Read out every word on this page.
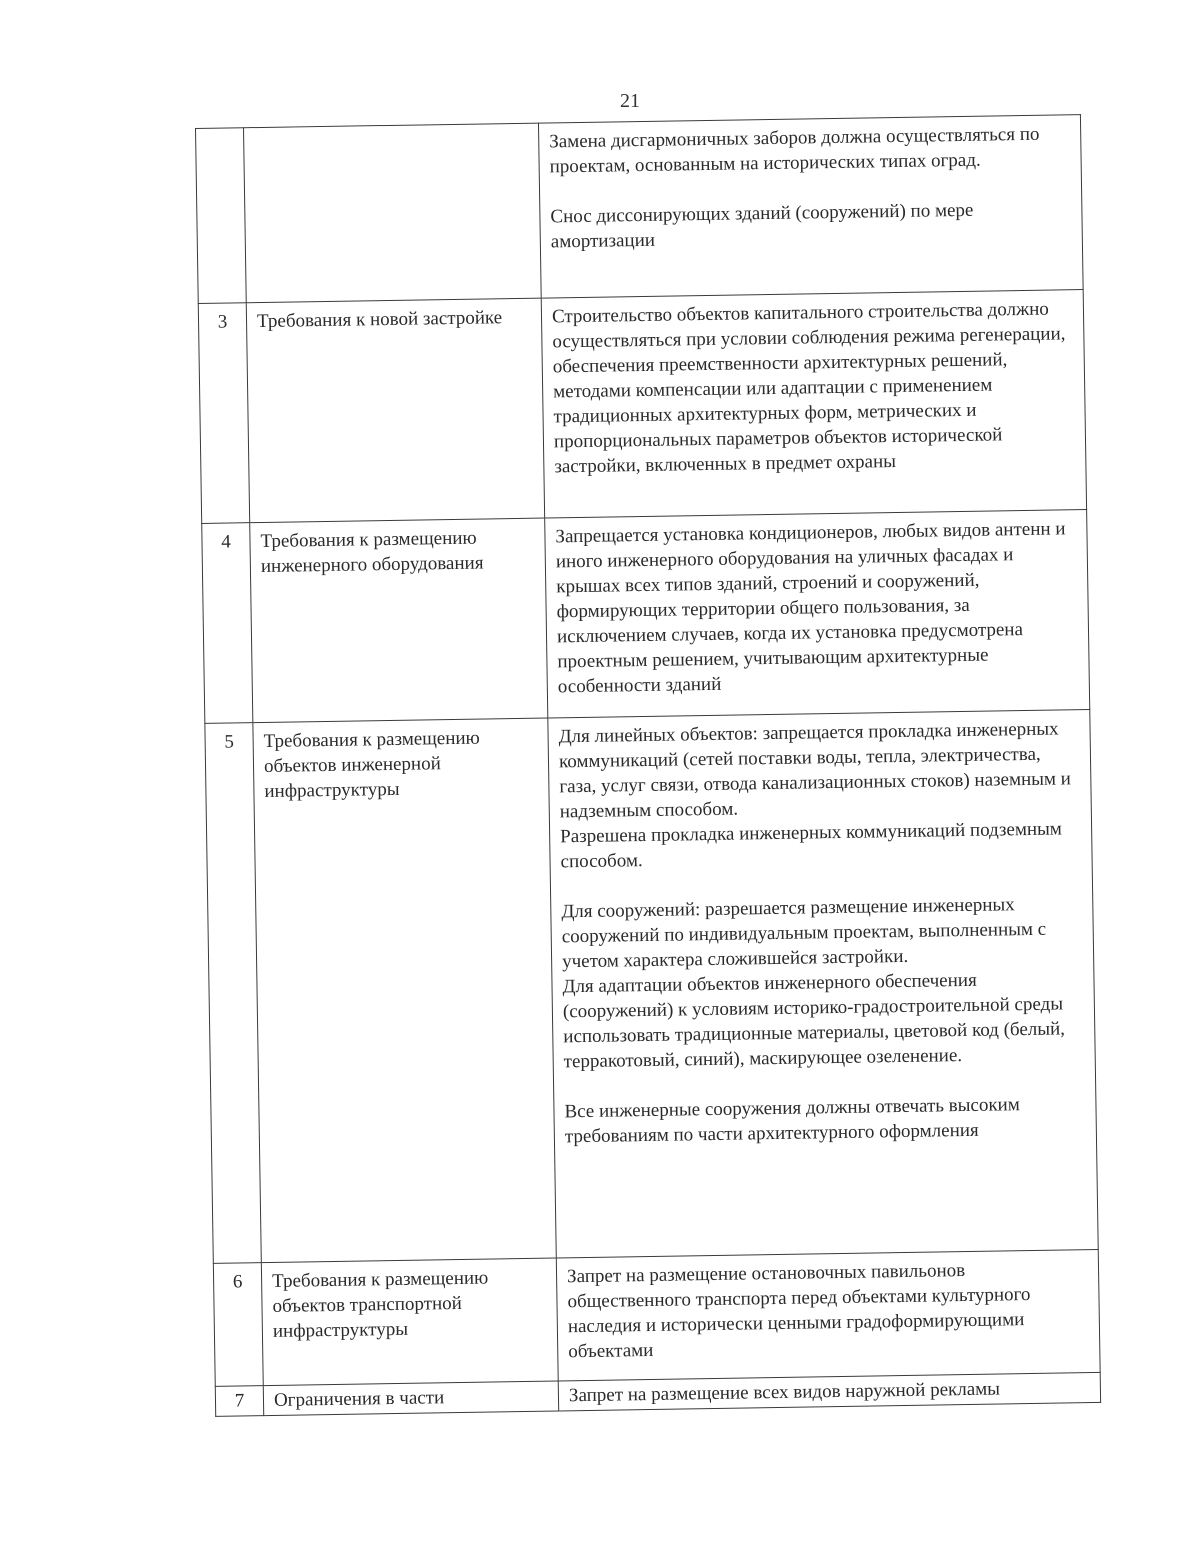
21

		Замена дисгармоничных заборов должна осуществляться по проектам, основанным на исторических типах оград.

Снос диссонирующих зданий (сооружений) по мере амортизации

3	Требования к новой застройке	Строительство объектов капитального строительства должно осуществляться при условии соблюдения режима регенерации, обеспечения преемственности архитектурных решений, методами компенсации или адаптации с применением традиционных архитектурных форм, метрических и пропорциональных параметров объектов исторической застройки, включенных в предмет охраны

4	Требования к размещению инженерного оборудования	Запрещается установка кондиционеров, любых видов антенн и иного инженерного оборудования на уличных фасадах и крышах всех типов зданий, строений и сооружений, формирующих территории общего пользования, за исключением случаев, когда их установка предусмотрена проектным решением, учитывающим архитектурные особенности зданий

5	Требования к размещению объектов инженерной инфраструктуры	Для линейных объектов: запрещается прокладка инженерных коммуникаций (сетей поставки воды, тепла, электричества, газа, услуг связи, отвода канализационных стоков) наземным и надземным способом.
Разрешена прокладка инженерных коммуникаций подземным способом.

Для сооружений: разрешается размещение инженерных сооружений по индивидуальным проектам, выполненным с учетом характера сложившейся застройки.
Для адаптации объектов инженерного обеспечения (сооружений) к условиям историко-градостроительной среды использовать традиционные материалы, цветовой код (белый, терракотовый, синий), маскирующее озеленение.

Все инженерные сооружения должны отвечать высоким требованиям по части архитектурного оформления

6	Требования к размещению объектов транспортной инфраструктуры	Запрет на размещение остановочных павильонов общественного транспорта перед объектами культурного наследия и исторически ценными градоформирующими объектами

7	Ограничения в части	Запрет на размещение всех видов наружной рекламы
